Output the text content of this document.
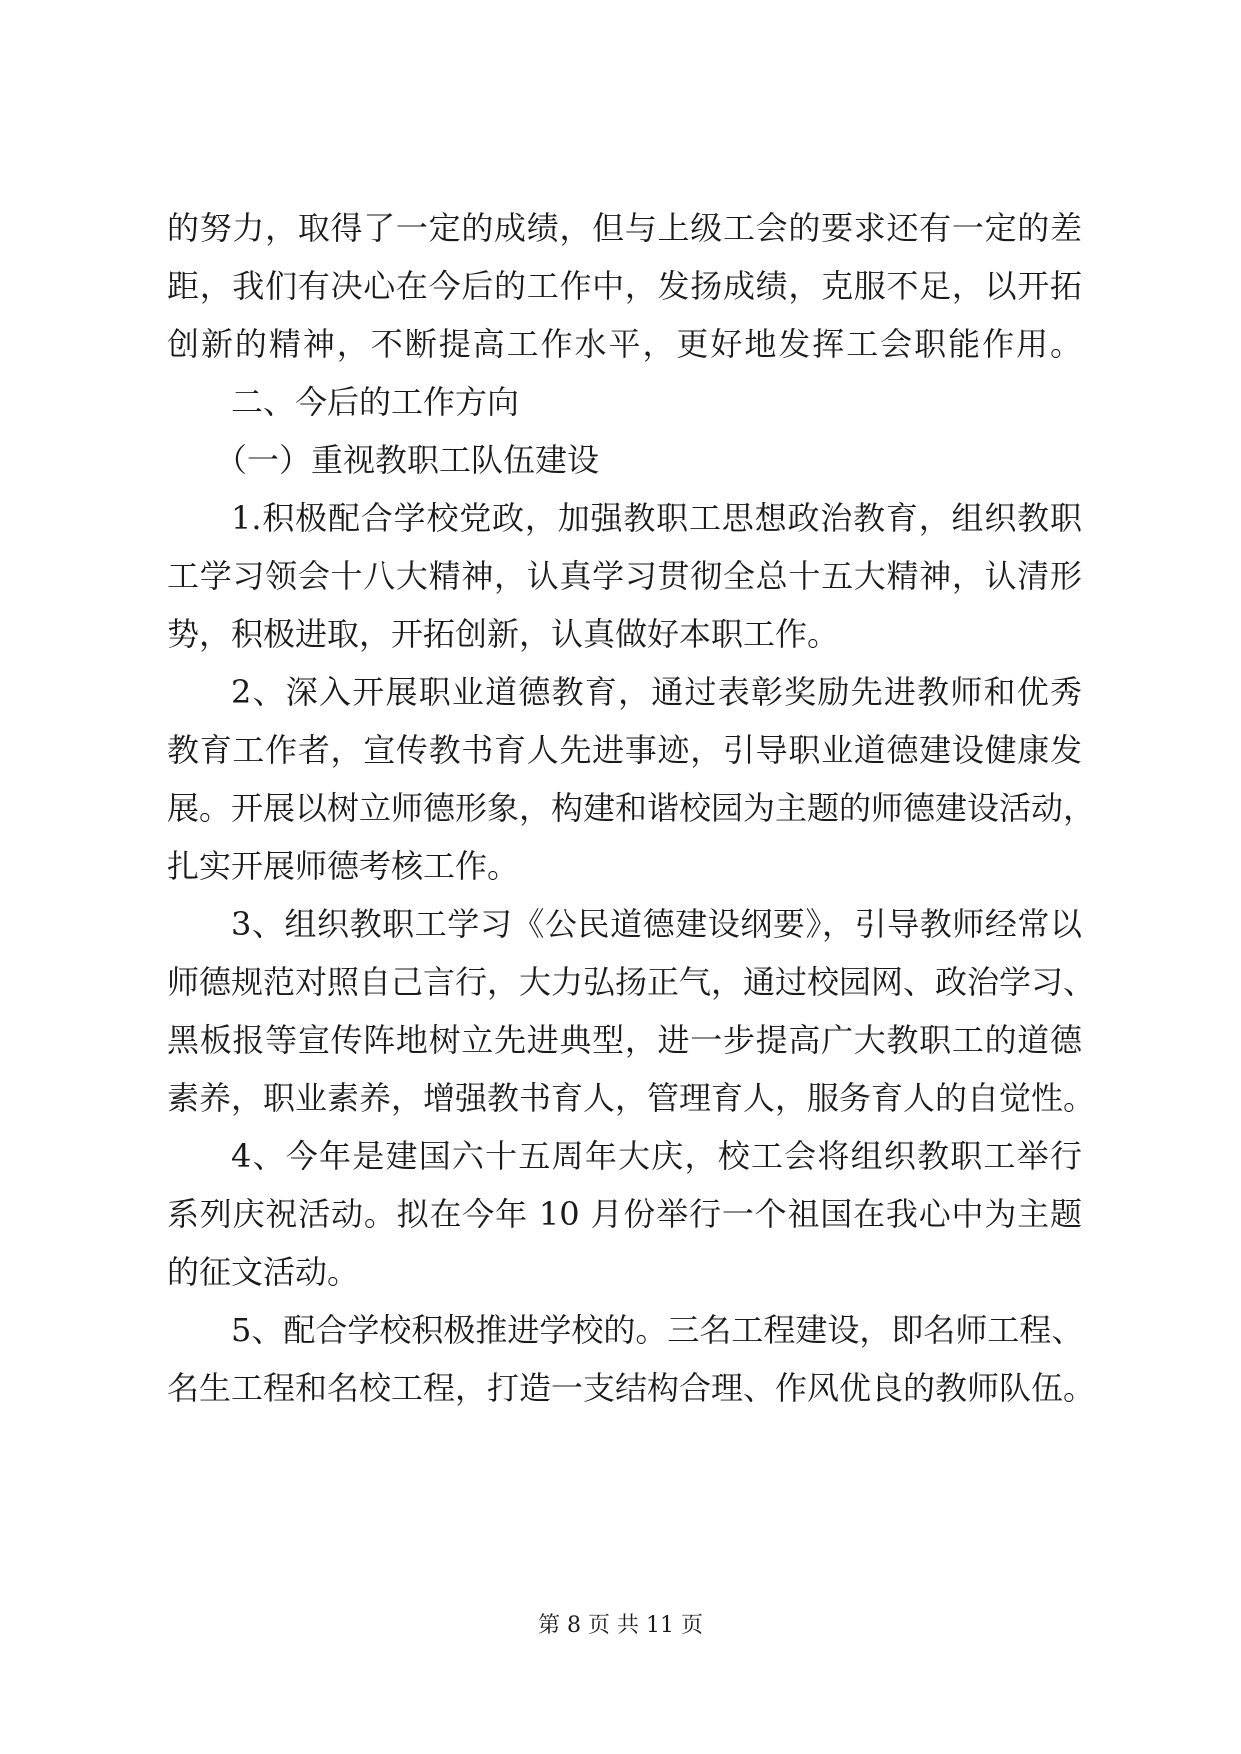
的努力，取得了一定的成绩，但与上级工会的要求还有一定的差
距，我们有决心在今后的工作中，发扬成绩，克服不足，以开拓
创新的精神，不断提高工作水平，更好地发挥工会职能作用。
二、今后的工作方向
（一）重视教职工队伍建设
1.积极配合学校党政，加强教职工思想政治教育，组织教职
工学习领会十八大精神，认真学习贯彻全总十五大精神，认清形
势，积极进取，开拓创新，认真做好本职工作。
2、深入开展职业道德教育，通过表彰奖励先进教师和优秀
教育工作者，宣传教书育人先进事迹，引导职业道德建设健康发
展。开展以树立师德形象，构建和谐校园为主题的师德建设活动，
扎实开展师德考核工作。
3、组织教职工学习《公民道德建设纲要》，引导教师经常以
师德规范对照自己言行，大力弘扬正气，通过校园网、政治学习、
黑板报等宣传阵地树立先进典型，进一步提高广大教职工的道德
素养，职业素养，增强教书育人，管理育人，服务育人的自觉性。
4、今年是建国六十五周年大庆，校工会将组织教职工举行
系列庆祝活动。拟在今年 10 月份举行一个祖国在我心中为主题
的征文活动。
5、配合学校积极推进学校的。三名工程建设，即名师工程、
名生工程和名校工程，打造一支结构合理、作风优良的教师队伍。
第 8 页 共 11 页
